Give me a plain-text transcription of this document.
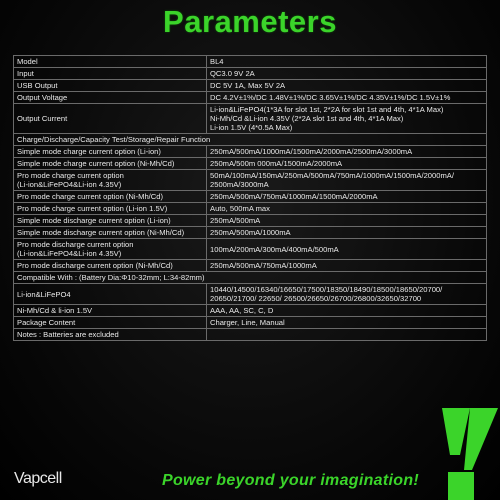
Parameters
Model	BL4
Input	QC3.0 9V 2A
USB Output	DC 5V 1A, Max 5V 2A
Output Voltage	DC 4.2V±1%/DC 1.48V±1%/DC 3.65V±1%/DC 4.35V±1%/DC 1.5V±1%
Output Current	Li-ion&LiFePO4(1*3A for slot 1st, 2*2A for slot 1st and 4th, 4*1A Max)
Ni-Mh/Cd &Li-ion 4.35V (2*2A slot 1st and 4th, 4*1A Max)
Li-ion 1.5V (4*0.5A Max)
Charge/Discharge/Capacity Test/Storage/Repair Function	
Simple mode charge current option (Li-ion)	250mA/500mA/1000mA/1500mA/2000mA/2500mA/3000mA
Simple mode charge current option (Ni-Mh/Cd)	250mA/500m 000mA/1500mA/2000mA
Pro mode charge current option
(Li-ion&LiFePO4&Li-ion 4.35V)	50mA/100mA/150mA/250mA/500mA/750mA/1000mA/1500mA/2000mA/
2500mA/3000mA
Pro mode charge current option (Ni-Mh/Cd)	250mA/500mA/750mA/1000mA/1500mA/2000mA
Pro mode charge current option (Li-ion 1.5V)	Auto, 500mA max
Simple mode discharge current option (Li-ion)	250mA/500mA
Simple mode discharge current option (Ni-Mh/Cd)	250mA/500mA/1000mA
Pro mode discharge current option
(Li-ion&LiFePO4&Li-ion 4.35V)	100mA/200mA/300mA/400mA/500mA
Pro mode discharge current option (Ni-Mh/Cd)	250mA/500mA/750mA/1000mA
Compatible With : (Battery Dia:Φ10-32mm; L:34-82mm)	
Li-ion&LiFePO4	10440/14500/16340/16650/17500/18350/18490/18500/18650/20700/
20650/21700/ 22650/ 26500/26650/26700/26800/32650/32700
Ni-Mh/Cd & li-ion 1.5V	AAA, AA, SC, C, D
Package Content	Charger, Line, Manual
Notes : Batteries are excluded	
Vapcell	Power beyond your imagination!
